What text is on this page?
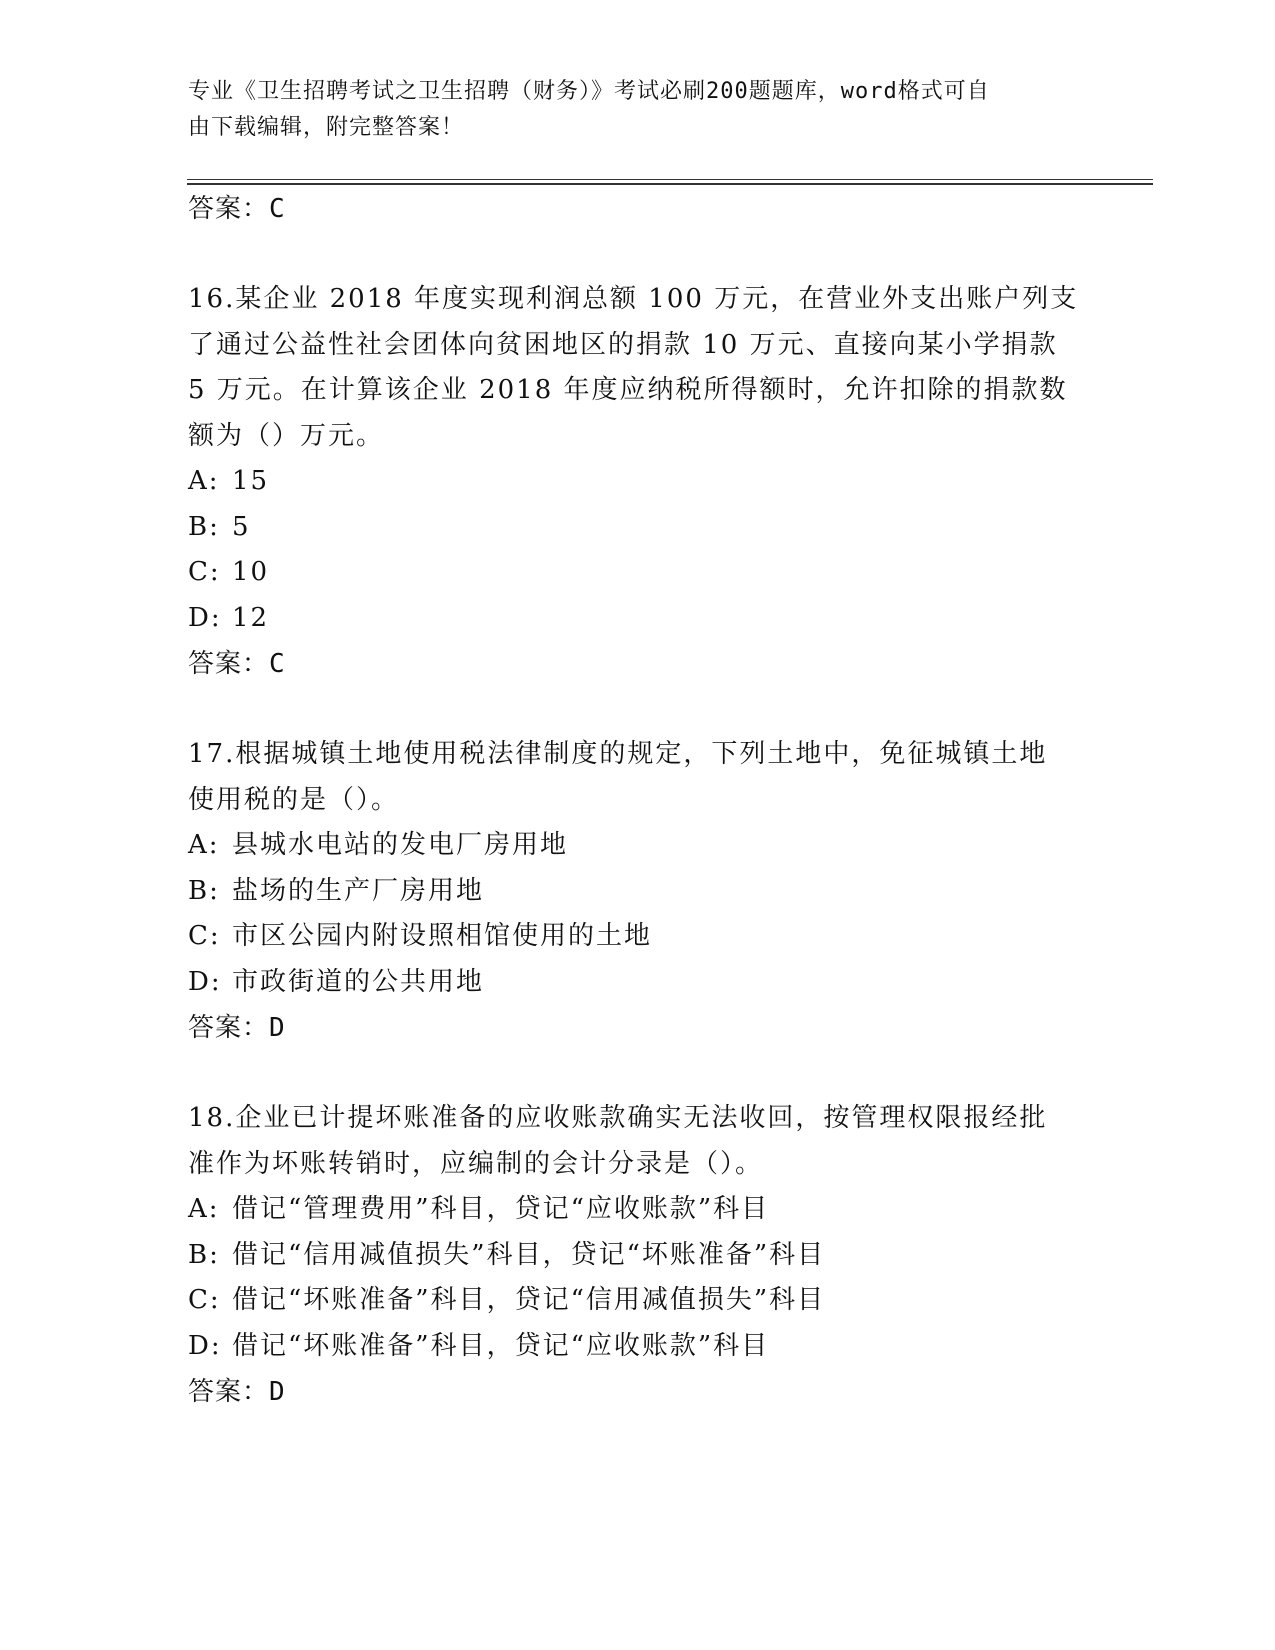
专业《卫生招聘考试之卫生招聘（财务）》考试必刷200题题库，word格式可自
由下载编辑，附完整答案！
答案：C
16.某企业 2018 年度实现利润总额 100 万元，在营业外支出账户列支
了通过公益性社会团体向贫困地区的捐款 10 万元、直接向某小学捐款
5 万元。在计算该企业 2018 年度应纳税所得额时，允许扣除的捐款数
额为（）万元。
A: 15
B: 5
C: 10
D: 12
答案：C
17.根据城镇土地使用税法律制度的规定，下列土地中，免征城镇土地
使用税的是（）。
A: 县城水电站的发电厂房用地
B: 盐场的生产厂房用地
C: 市区公园内附设照相馆使用的土地
D: 市政街道的公共用地
答案：D
18.企业已计提坏账准备的应收账款确实无法收回，按管理权限报经批
准作为坏账转销时，应编制的会计分录是（）。
A: 借记“管理费用”科目，贷记“应收账款”科目
B: 借记“信用减值损失”科目，贷记“坏账准备”科目
C: 借记“坏账准备”科目，贷记“信用减值损失”科目
D: 借记“坏账准备”科目，贷记“应收账款”科目
答案：D
